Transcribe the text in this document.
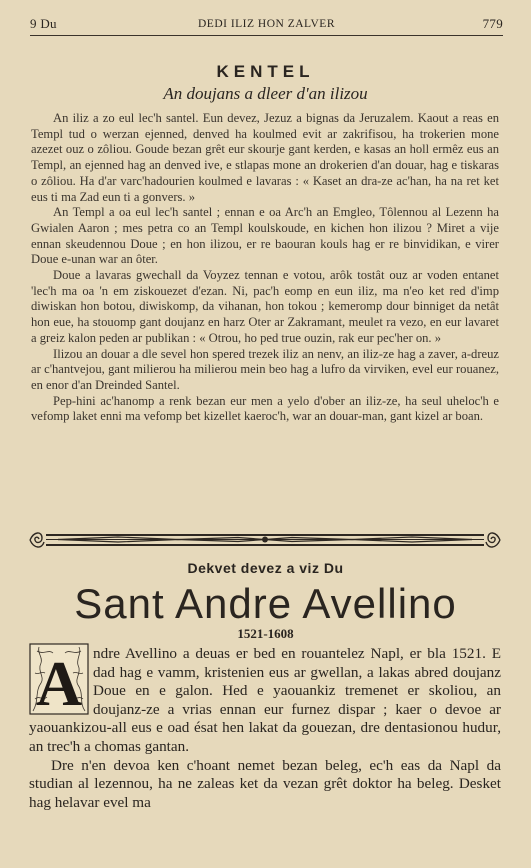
9 Du	DEDI ILIZ HON ZALVER	779
KENTEL
An doujans a dleer d'an ilizou

An iliz a zo eul lec'h santel. Eun devez, Jezuz a bignas da Jeruzalem. Kaout a reas en Templ tud o werzan ejenned, denved ha koulmed evit ar zakrifisou, ha trokerien mone azezet ouz o zôliou. Goude bezan grêt eur skourje gant kerden, e kasas an holl ermêz eus an Templ, an ejenned hag an denved ive, e stlapas mone an drokerien d'an douar, hag e tiskaras o zôliou. Ha d'ar varc'hadourien koulmed e lavaras : « Kaset an dra-ze ac'han, ha na ret ket eus ti ma Zad eun ti a gonvers. »

An Templ a oa eul lec'h santel ; ennan e oa Arc'h an Emgleo, Tôlennou al Lezenn ha Gwialen Aaron ; mes petra co an Templ koulskoude, en kichen hon ilizou ? Miret a vije ennan skeudennou Doue ; en hon ilizou, er re baouran kouls hag er re binvidikan, e virer Doue e-unan war an ôter.

Doue a lavaras gwechall da Voyzez tennan e votou, arôk tostât ouz ar voden entanet 'lec'h ma oa 'n em ziskouezet d'ezan. Ni, pac'h eomp en eun iliz, ma n'eo ket red d'imp diwiskan hon botou, diwiskomp, da vihanan, hon tokou ; kemeromp dour binniget da netât hon eue, ha stouomp gant doujanz en harz Oter ar Zakramant, meulet ra vezo, en eur lavaret a greiz kalon peden ar publikan : « Otrou, ho ped true ouzin, rak eur pec'her on. »

Ilizou an douar a dle sevel hon spered trezek iliz an nenv, an iliz-ze hag a zaver, a-dreuz ar c'hantvejou, gant milierou ha milierou mein beo hag a lufro da virviken, evel eur rouanez, en enor d'an Dreinded Santel.

Pep-hini ac'hanomp a renk bezan eur men a yelo d'ober an iliz-ze, ha seul uheloc'h e vefomp laket enni ma vefomp bet kizellet kaeroc'h, war an douar-man, gant kizel ar boan.

Dekvet devez a viz Du
Sant Andre Avellino
1521-1608
A ndre Avellino a deuas er bed en rouantelez Napl, er bla 1521. E dad hag e vamm, kristenien eus ar gwellan, a lakas abred doujanz Doue en e galon. Hed e yaouankiz tremenet er skoliou, an doujanz-ze a vrias ennan eur furnez dispar ; kaer o devoe ar yaouankizou-all eus e oad ésat hen lakat da gouezan, dre dentasionou hudur, an trec'h a chomas gantan.

Dre n'en devoa ken c'hoant nemet bezan beleg, ec'h eas da Napl da studian al lezennou, ha ne zaleas ket da vezan grêt doktor ha beleg. Desket hag helavar evel ma
